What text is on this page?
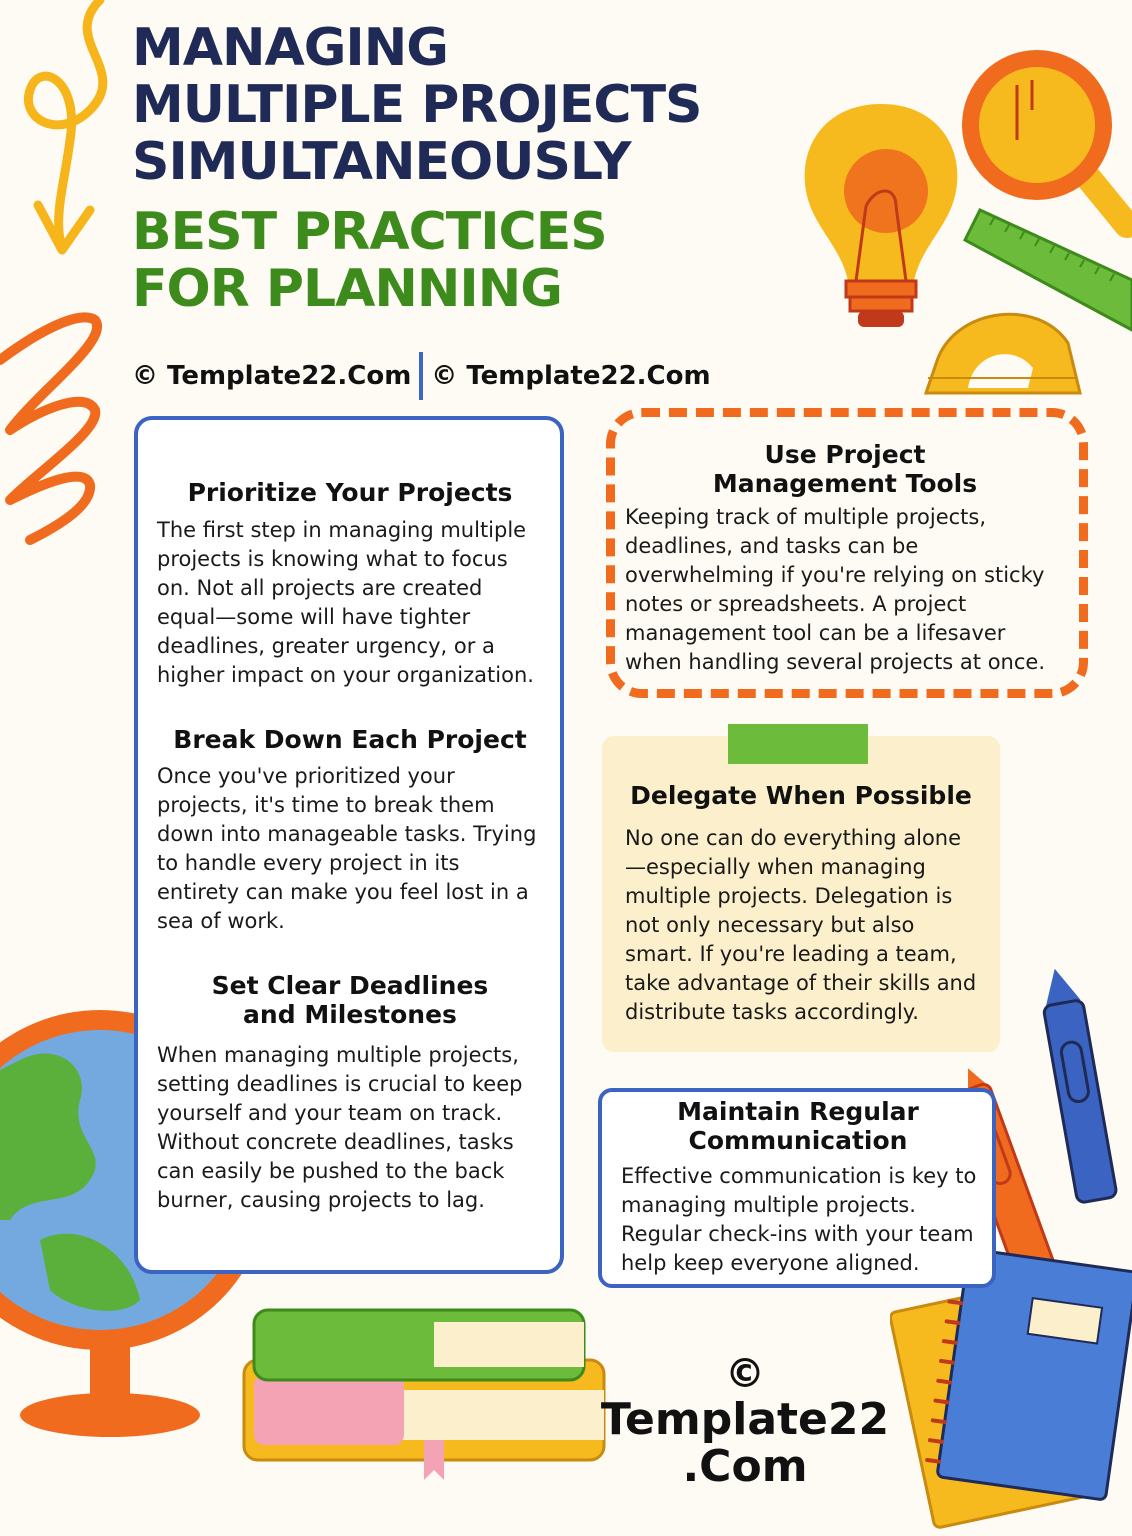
MANAGING
MULTIPLE PROJECTS
SIMULTANEOUSLY
BEST PRACTICES
FOR PLANNING
© Template22.Com © Template22.Com
Prioritize Your Projects

The first step in managing multiple projects is knowing what to focus on. Not all projects are created equal—some will have tighter deadlines, greater urgency, or a higher impact on your organization.

Break Down Each Project

Once you've prioritized your projects, it's time to break them down into manageable tasks. Trying to handle every project in its entirety can make you feel lost in a sea of work.

Set Clear Deadlines and Milestones

When managing multiple projects, setting deadlines is crucial to keep yourself and your team on track. Without concrete deadlines, tasks can easily be pushed to the back burner, causing projects to lag.

Use Project Management Tools

Keeping track of multiple projects, deadlines, and tasks can be overwhelming if you're relying on sticky notes or spreadsheets. A project management tool can be a lifesaver when handling several projects at once.

Delegate When Possible

No one can do everything alone—especially when managing multiple projects. Delegation is not only necessary but also smart. If you're leading a team, take advantage of their skills and distribute tasks accordingly.

Maintain Regular Communication

Effective communication is key to managing multiple projects. Regular check-ins with your team help keep everyone aligned.

©
Template22
.Com
